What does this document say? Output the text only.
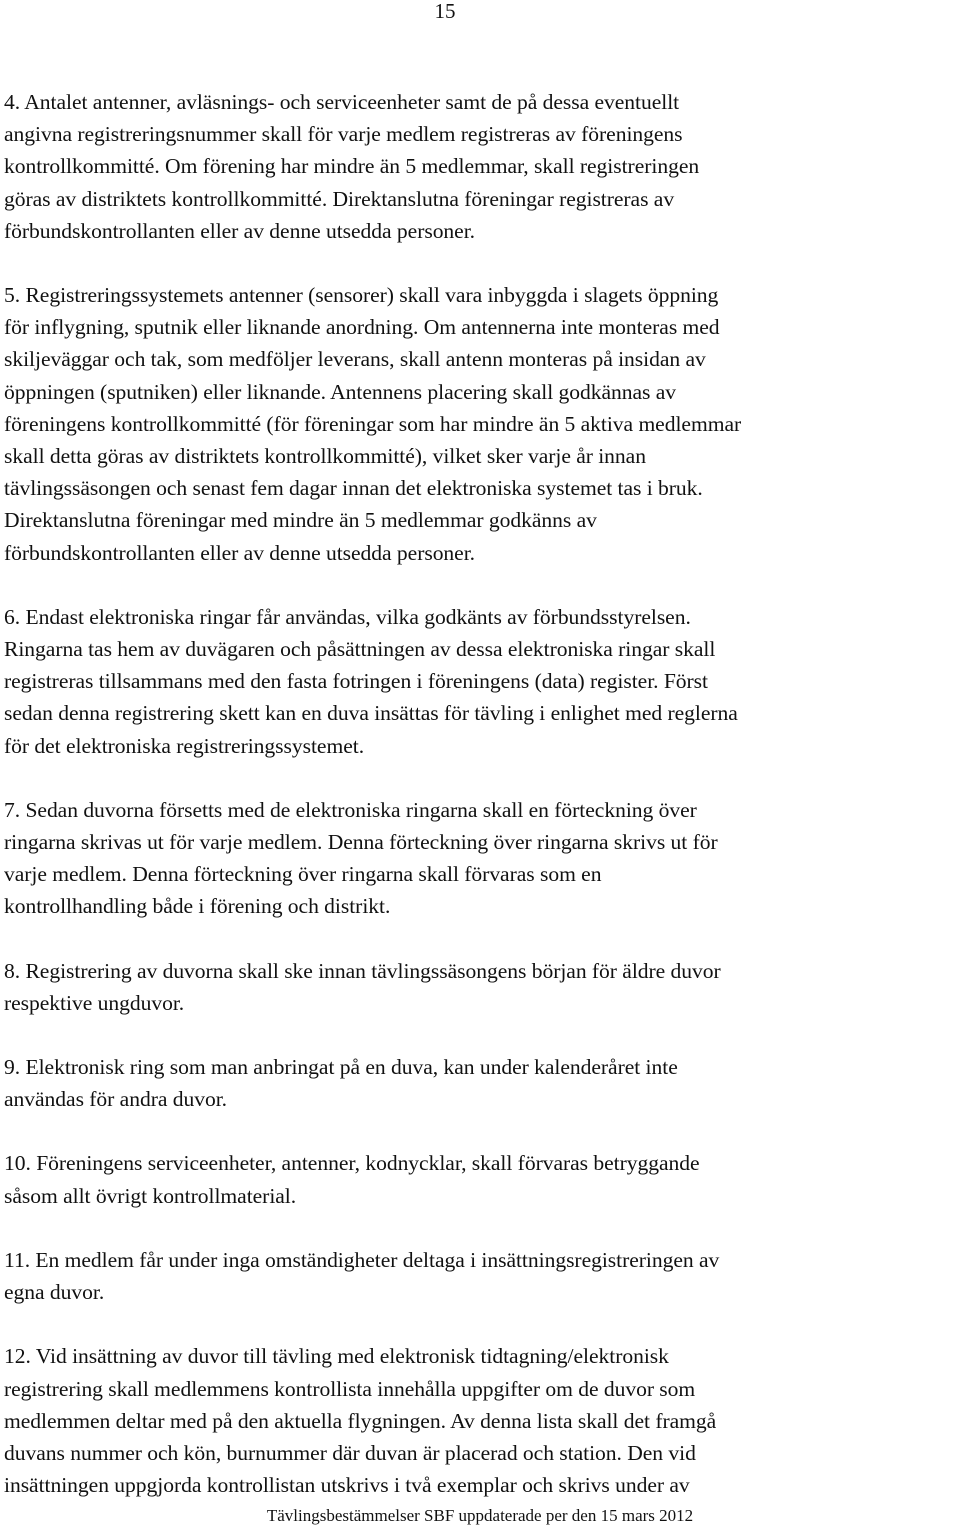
15

4. Antalet antenner, avläsnings- och serviceenheter samt de på dessa eventuellt
angivna registreringsnummer skall för varje medlem registreras av föreningens
kontrollkommitté. Om förening har mindre än 5 medlemmar, skall registreringen
göras av distriktets kontrollkommitté. Direktanslutna föreningar registreras av
förbundskontrollanten eller av denne utsedda personer.

5. Registreringssystemets antenner (sensorer) skall vara inbyggda i slagets öppning
för inflygning, sputnik eller liknande anordning. Om antennerna inte monteras med
skiljeväggar och tak, som medföljer leverans, skall antenn monteras på insidan av
öppningen (sputniken) eller liknande. Antennens placering skall godkännas av
föreningens kontrollkommitté (för föreningar som har mindre än 5 aktiva medlemmar
skall detta göras av distriktets kontrollkommitté), vilket sker varje år innan
tävlingssäsongen och senast fem dagar innan det elektroniska systemet tas i bruk.
Direktanslutna föreningar med mindre än 5 medlemmar godkänns av
förbundskontrollanten eller av denne utsedda personer.

6. Endast elektroniska ringar får användas, vilka godkänts av förbundsstyrelsen.
Ringarna tas hem av duvägaren och påsättningen av dessa elektroniska ringar skall
registreras tillsammans med den fasta fotringen i föreningens (data) register. Först
sedan denna registrering skett kan en duva insättas för tävling i enlighet med reglerna
för det elektroniska registreringssystemet.

7. Sedan duvorna försetts med de elektroniska ringarna skall en förteckning över
ringarna skrivas ut för varje medlem. Denna förteckning över ringarna skrivs ut för
varje medlem. Denna förteckning över ringarna skall förvaras som en
kontrollhandling både i förening och distrikt.

8. Registrering av duvorna skall ske innan tävlingssäsongens början för äldre duvor
respektive ungduvor.

9. Elektronisk ring som man anbringat på en duva, kan under kalenderåret inte
användas för andra duvor.

10. Föreningens serviceenheter, antenner, kodnycklar, skall förvaras betryggande
såsom allt övrigt kontrollmaterial.

11. En medlem får under inga omständigheter deltaga i insättningsregistreringen av
egna duvor.

12. Vid insättning av duvor till tävling med elektronisk tidtagning/elektronisk
registrering skall medlemmens kontrollista innehålla uppgifter om de duvor som
medlemmen deltar med på den aktuella flygningen. Av denna lista skall det framgå
duvans nummer och kön, burnummer där duvan är placerad och station. Den vid
insättningen uppgjorda kontrollistan utskrivs i två exemplar och skrivs under av

Tävlingsbestämmelser SBF uppdaterade per den 15 mars 2012
